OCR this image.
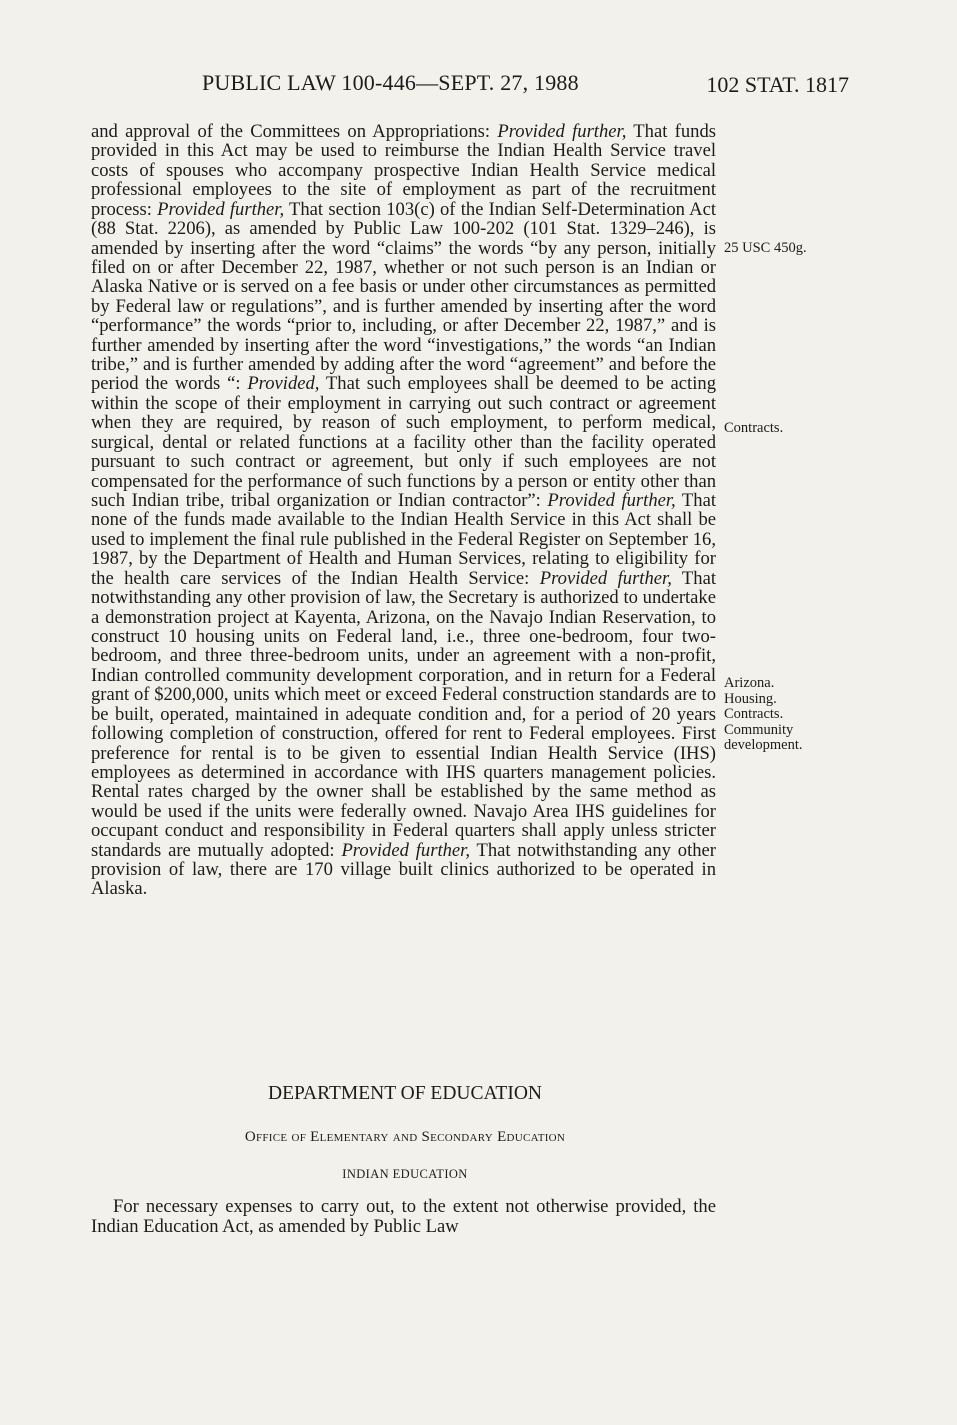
PUBLIC LAW 100-446—SEPT. 27, 1988	102 STAT. 1817

and approval of the Committees on Appropriations: Provided further, That funds provided in this Act may be used to reimburse the Indian Health Service travel costs of spouses who accompany prospective Indian Health Service medical professional employees to the site of employment as part of the recruitment process: Provided further, That section 103(c) of the Indian Self-Determination Act (88 Stat. 2206), as amended by Public Law 100-202 (101 Stat. 1329–246), is amended by inserting after the word “claims” the words “by any person, initially filed on or after December 22, 1987, whether or not such person is an Indian or Alaska Native or is served on a fee basis or under other circumstances as permitted by Federal law or regulations”, and is further amended by inserting after the word “performance” the words “prior to, including, or after December 22, 1987,” and is further amended by inserting after the word “investigations,” the words “an Indian tribe,” and is further amended by adding after the word “agreement” and before the period the words “: Provided, That such employees shall be deemed to be acting within the scope of their employment in carrying out such contract or agreement when they are required, by reason of such employment, to perform medical, surgical, dental or related functions at a facility other than the facility operated pursuant to such contract or agreement, but only if such employees are not compensated for the performance of such functions by a person or entity other than such Indian tribe, tribal organization or Indian contractor”: Provided further, That none of the funds made available to the Indian Health Service in this Act shall be used to implement the final rule published in the Federal Register on September 16, 1987, by the Department of Health and Human Services, relating to eligibility for the health care services of the Indian Health Service: Provided further, That notwithstanding any other provision of law, the Secretary is authorized to undertake a demonstration project at Kayenta, Arizona, on the Navajo Indian Reservation, to construct 10 housing units on Federal land, i.e., three one-bedroom, four two-bedroom, and three three-bedroom units, under an agreement with a non-profit, Indian controlled community development corporation, and in return for a Federal grant of $200,000, units which meet or exceed Federal construction standards are to be built, operated, maintained in adequate condition and, for a period of 20 years following completion of construction, offered for rent to Federal employees. First preference for rental is to be given to essential Indian Health Service (IHS) employees as determined in accordance with IHS quarters management policies. Rental rates charged by the owner shall be established by the same method as would be used if the units were federally owned. Navajo Area IHS guidelines for occupant conduct and responsibility in Federal quarters shall apply unless stricter standards are mutually adopted: Provided further, That notwithstanding any other provision of law, there are 170 village built clinics authorized to be operated in Alaska.

25 USC 450g.
Contracts.
Arizona.
Housing.
Contracts.
Community
development.
DEPARTMENT OF EDUCATION
Office of Elementary and Secondary Education
INDIAN EDUCATION

For necessary expenses to carry out, to the extent not otherwise provided, the Indian Education Act, as amended by Public Law
